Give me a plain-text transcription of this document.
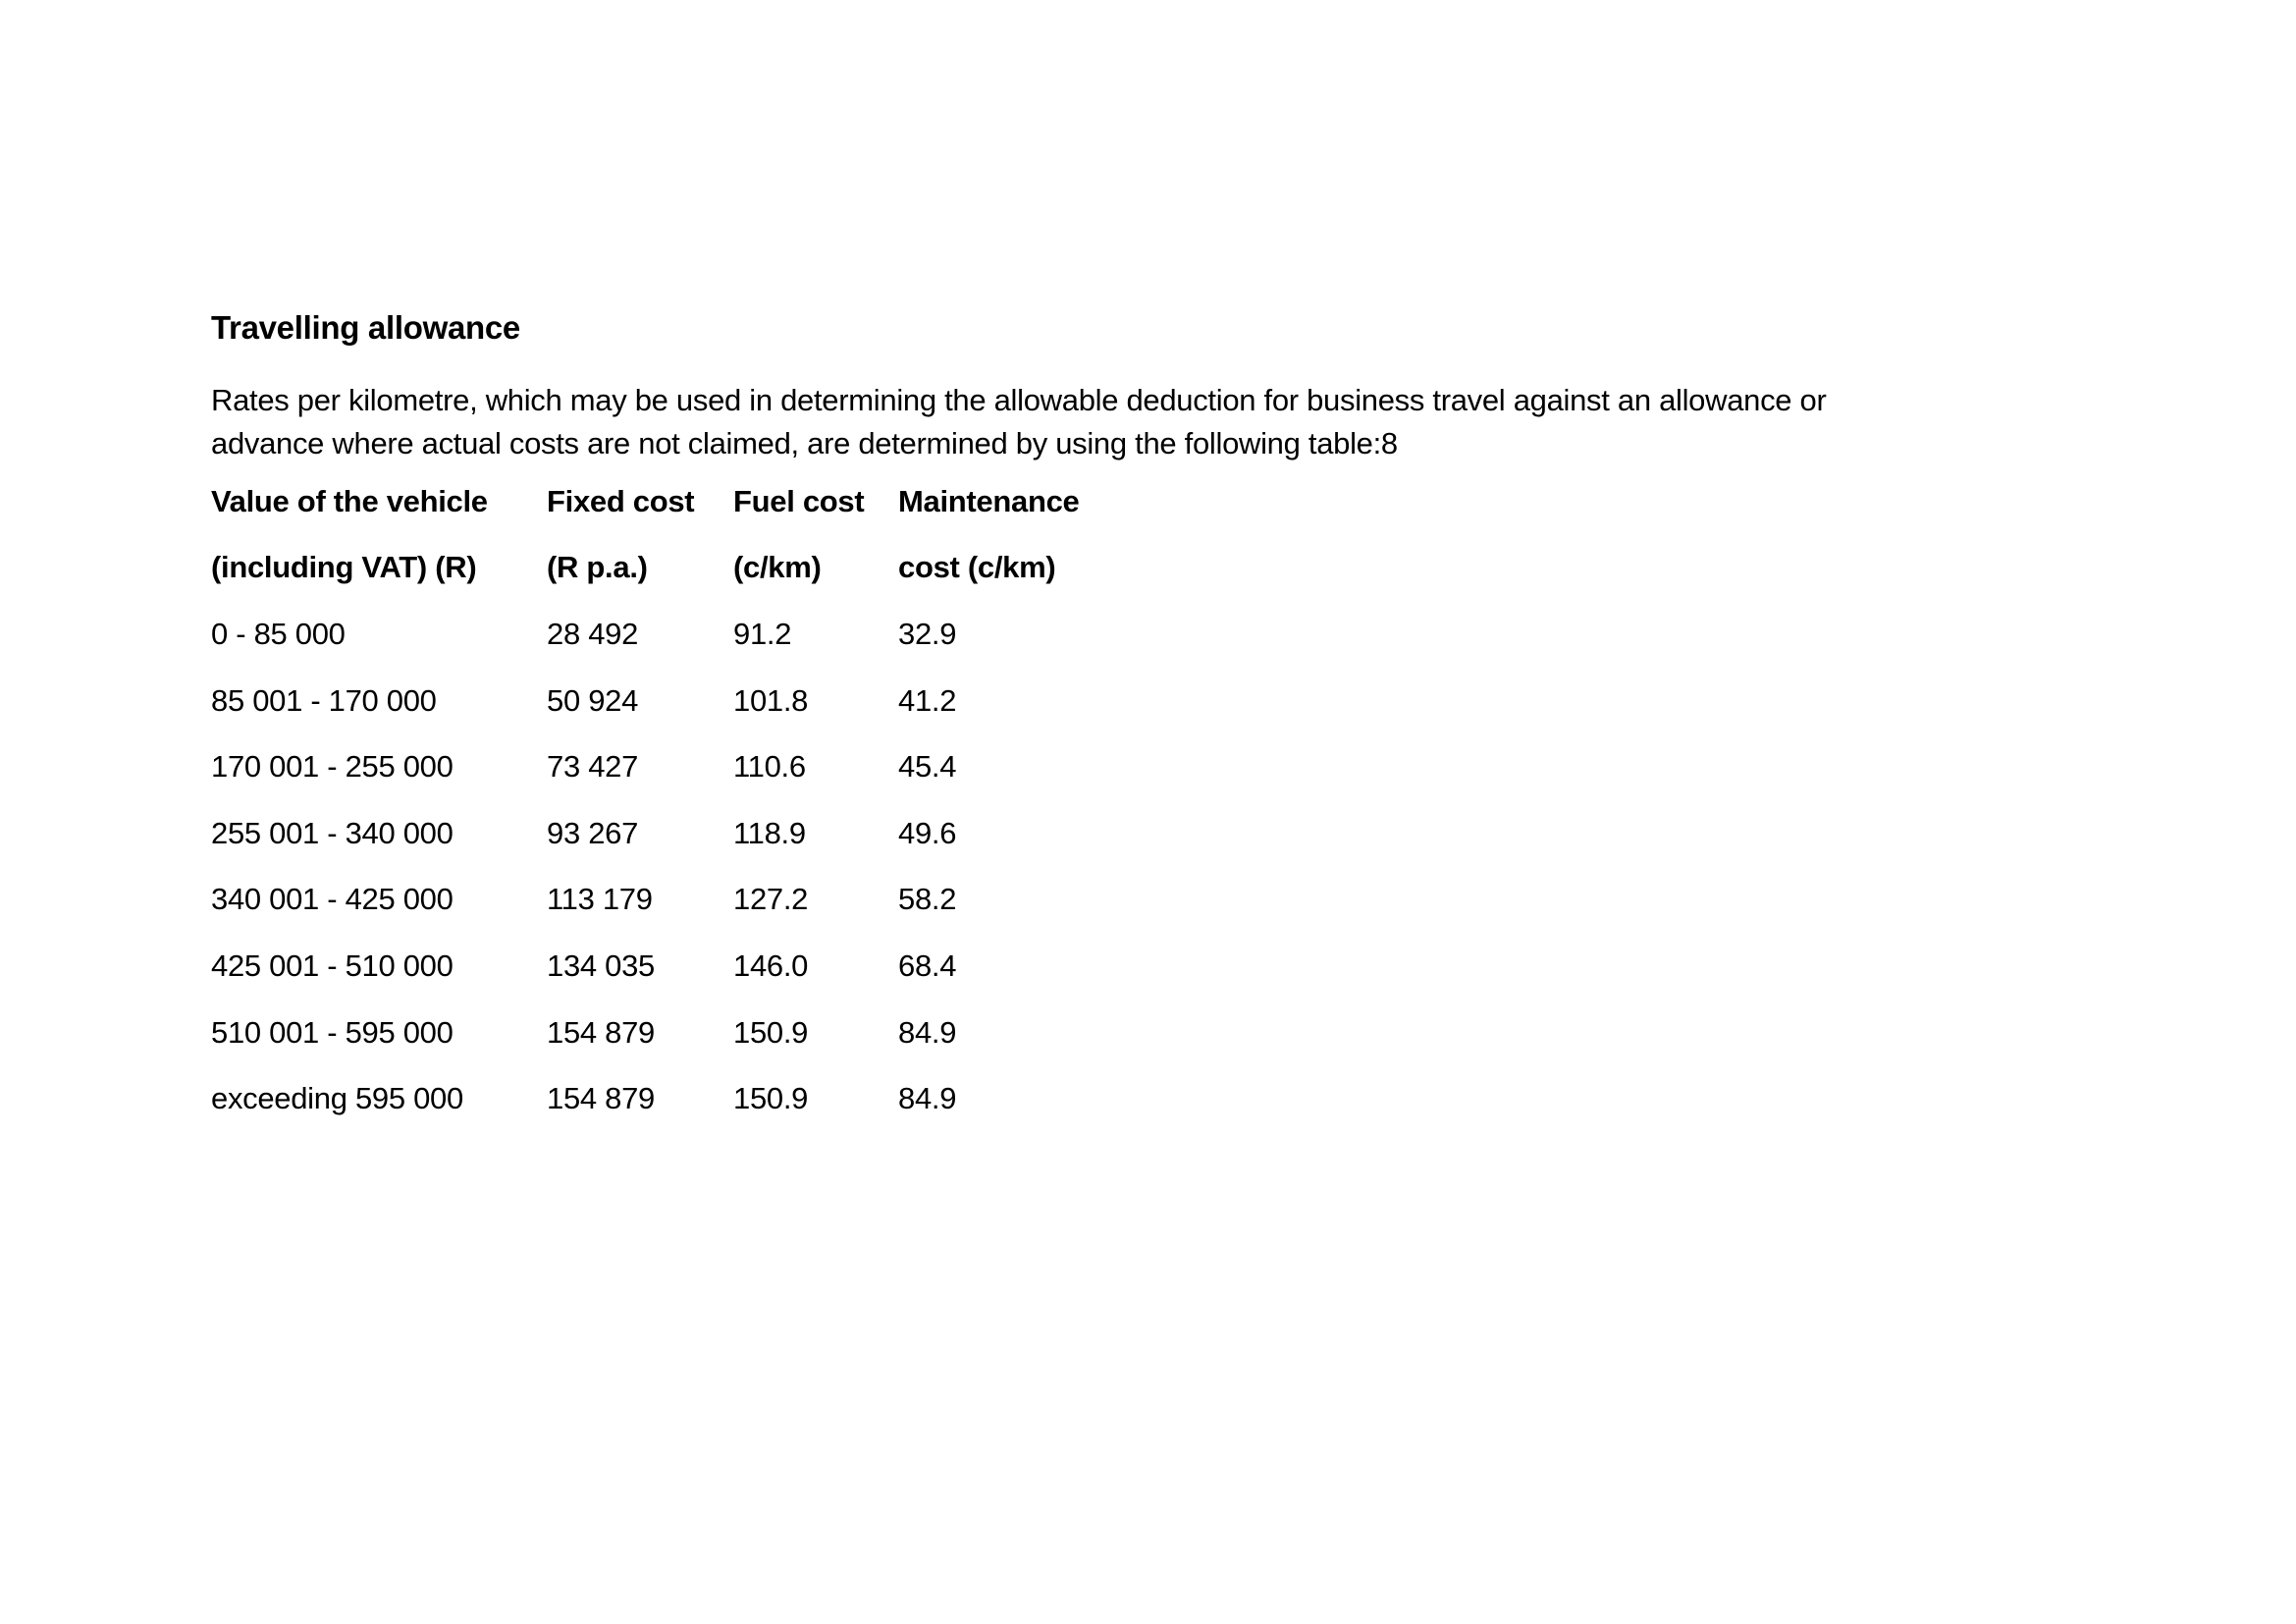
Travelling allowance
Rates per kilometre, which may be used in determining the allowable deduction for business travel against an allowance or
advance where actual costs are not claimed, are determined by using the following table:8
Value of the vehicle	Fixed cost	Fuel cost	Maintenance
(including VAT) (R)	(R p.a.)	(c/km)	cost (c/km)
0 - 85 000	28 492	91.2	32.9
85 001 - 170 000	50 924	101.8	41.2
170 001 - 255 000	73 427	110.6	45.4
255 001 - 340 000	93 267	118.9	49.6
340 001 - 425 000	113 179	127.2	58.2
425 001 - 510 000	134 035	146.0	68.4
510 001 - 595 000	154 879	150.9	84.9
exceeding 595 000	154 879	150.9	84.9
